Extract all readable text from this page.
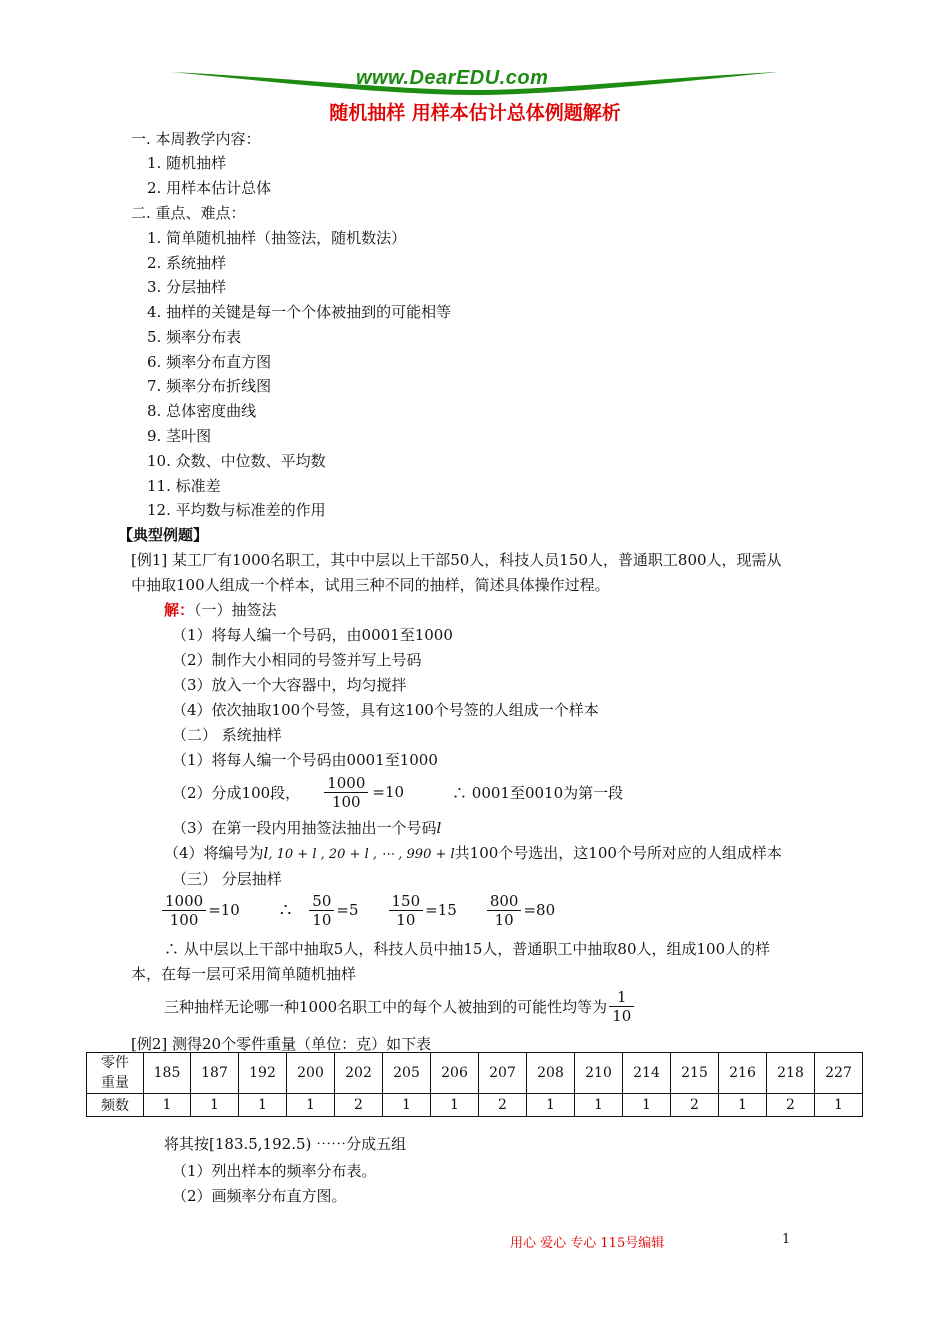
www.DearEDU.com
随机抽样 用样本估计总体例题解析
一. 本周教学内容：
1. 随机抽样
2. 用样本估计总体
二. 重点、难点：
1. 简单随机抽样（抽签法，随机数法）
2. 系统抽样
3. 分层抽样
4. 抽样的关键是每一个个体被抽到的可能相等
5. 频率分布表
6. 频率分布直方图
7. 频率分布折线图
8. 总体密度曲线
9. 茎叶图
10. 众数、中位数、平均数
11. 标准差
12. 平均数与标准差的作用
【典型例题】
[例1] 某工厂有1000名职工，其中中层以上干部50人，科技人员150人，普通职工800人，现需从
中抽取100人组成一个样本，试用三种不同的抽样，简述具体操作过程。
解：（一）抽签法
（1）将每人编一个号码，由0001至1000
（2）制作大小相同的号签并写上号码
（3）放入一个大容器中，均匀搅拌
（4）依次抽取100个号签，具有这100个号签的人组成一个样本
（二） 系统抽样
（1）将每人编一个号码由0001至1000
（2）分成100段， $\frac{1000}{100} =10$	∴ 0001至0010为第一段
（3）在第一段内用抽签法抽出一个号码l
（4）将编号为l, 10 + l , 20 + l , ⋯ , 990 + l共100个号选出，这100个号所对应的人组成样本
（三） 分层抽样
$\frac{1000}{100} =10$ ∴ $\frac{50}{10} =5 \frac{150}{10} =15 \frac{800}{10} =80$
∴ 从中层以上干部中抽取5人，科技人员中抽15人，普通职工中抽取80人，组成100人的样
本，在每一层可采用简单随机抽样
三种抽样无论哪一种1000名职工中的每个人被抽到的可能性均等为 $\frac{1}{10}$
[例2] 测得20个零件重量（单位：克）如下表
零件
重量	185	187	192	200	202	205	206	207	208	210	214	215	216	218	227
频数	1	1	1	1	2	1	1	2	1	1	1	2	1	2	1
将其按[183.5,192.5) ⋯⋯分成五组
（1）列出样本的频率分布表。
（2）画频率分布直方图。
用心 爱心 专心 115号编辑	1
